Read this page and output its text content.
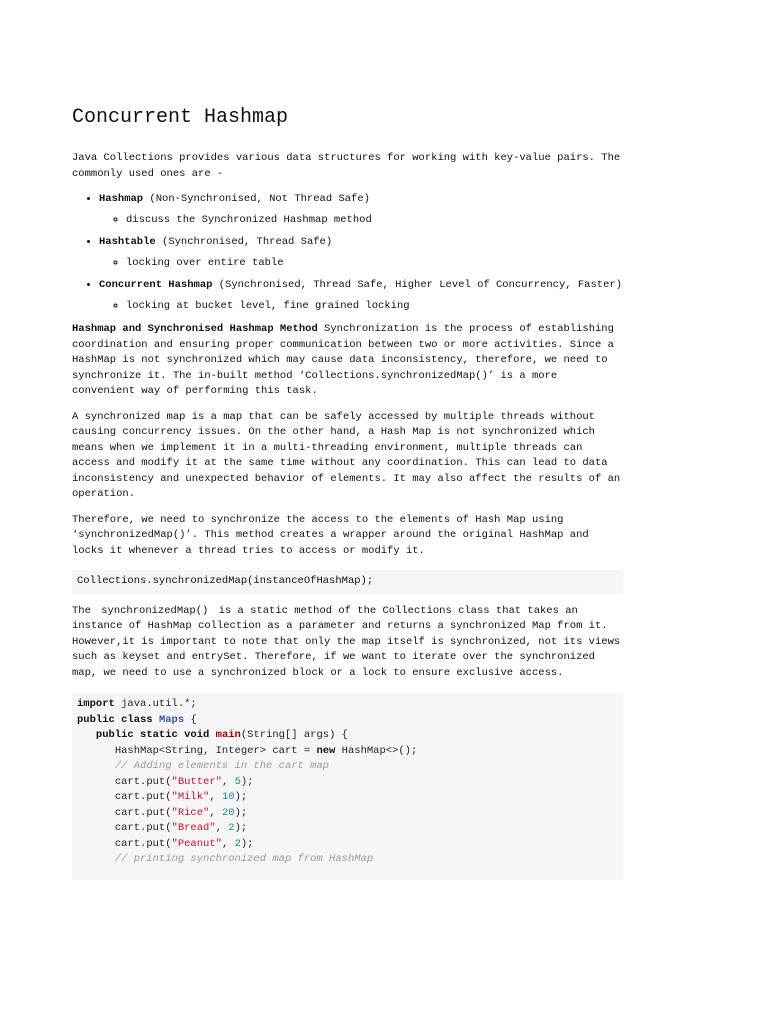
Concurrent Hashmap

Java Collections provides various data structures for working with key-value pairs. The commonly used ones are -

• Hashmap (Non-Synchronised, Not Thread Safe)
◦ discuss the Synchronized Hashmap method
• Hashtable (Synchronised, Thread Safe)
◦ locking over entire table
• Concurrent Hashmap (Synchronised, Thread Safe, Higher Level of Concurrency, Faster)
◦ locking at bucket level, fine grained locking

Hashmap and Synchronised Hashmap Method Synchronization is the process of establishing coordination and ensuring proper communication between two or more activities. Since a HashMap is not synchronized which may cause data inconsistency, therefore, we need to synchronize it. The in-built method ‘Collections.synchronizedMap()’ is a more convenient way of performing this task.

A synchronized map is a map that can be safely accessed by multiple threads without causing concurrency issues. On the other hand, a Hash Map is not synchronized which means when we implement it in a multi-threading environment, multiple threads can access and modify it at the same time without any coordination. This can lead to data inconsistency and unexpected behavior of elements. It may also affect the results of an operation.

Therefore, we need to synchronize the access to the elements of Hash Map using ‘synchronizedMap()’. This method creates a wrapper around the original HashMap and locks it whenever a thread tries to access or modify it.

Collections.synchronizedMap(instanceOfHashMap);

The synchronizedMap() is a static method of the Collections class that takes an instance of HashMap collection as a parameter and returns a synchronized Map from it. However,it is important to note that only the map itself is synchronized, not its views such as keyset and entrySet. Therefore, if we want to iterate over the synchronized map, we need to use a synchronized block or a lock to ensure exclusive access.

import java.util.*;
public class Maps {
public static void main(String[] args) {
HashMap<String, Integer> cart = new HashMap<>();
// Adding elements in the cart map
cart.put("Butter", 5);
cart.put("Milk", 10);
cart.put("Rice", 20);
cart.put("Bread", 2);
cart.put("Peanut", 2);
// printing synchronized map from HashMap
